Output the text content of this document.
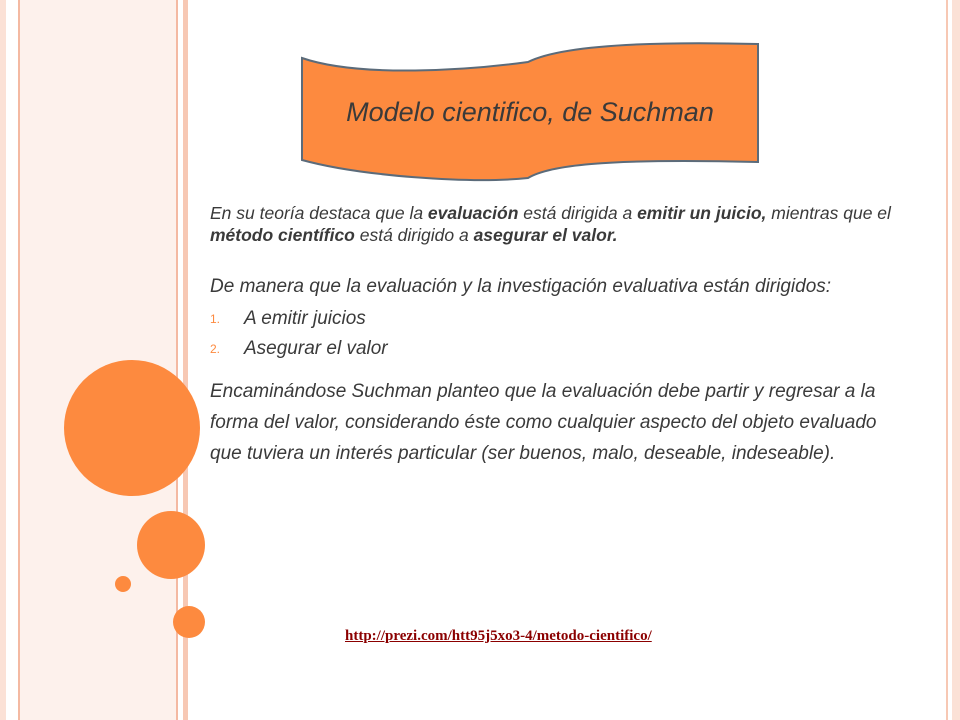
Modelo cientifico, de Suchman

En su teoría destaca que la evaluación está dirigida a emitir un juicio, mientras que el método científico está dirigido a asegurar el valor.

De manera que la evaluación y la investigación evaluativa están dirigidos:

1. A emitir juicios
2. Asegurar el valor

Encaminándose Suchman planteo que la evaluación debe partir y regresar a la forma del valor, considerando éste como cualquier aspecto del objeto evaluado que tuviera un interés particular (ser buenos, malo, deseable, indeseable).

http://prezi.com/htt95j5xo3-4/metodo-cientifico/
